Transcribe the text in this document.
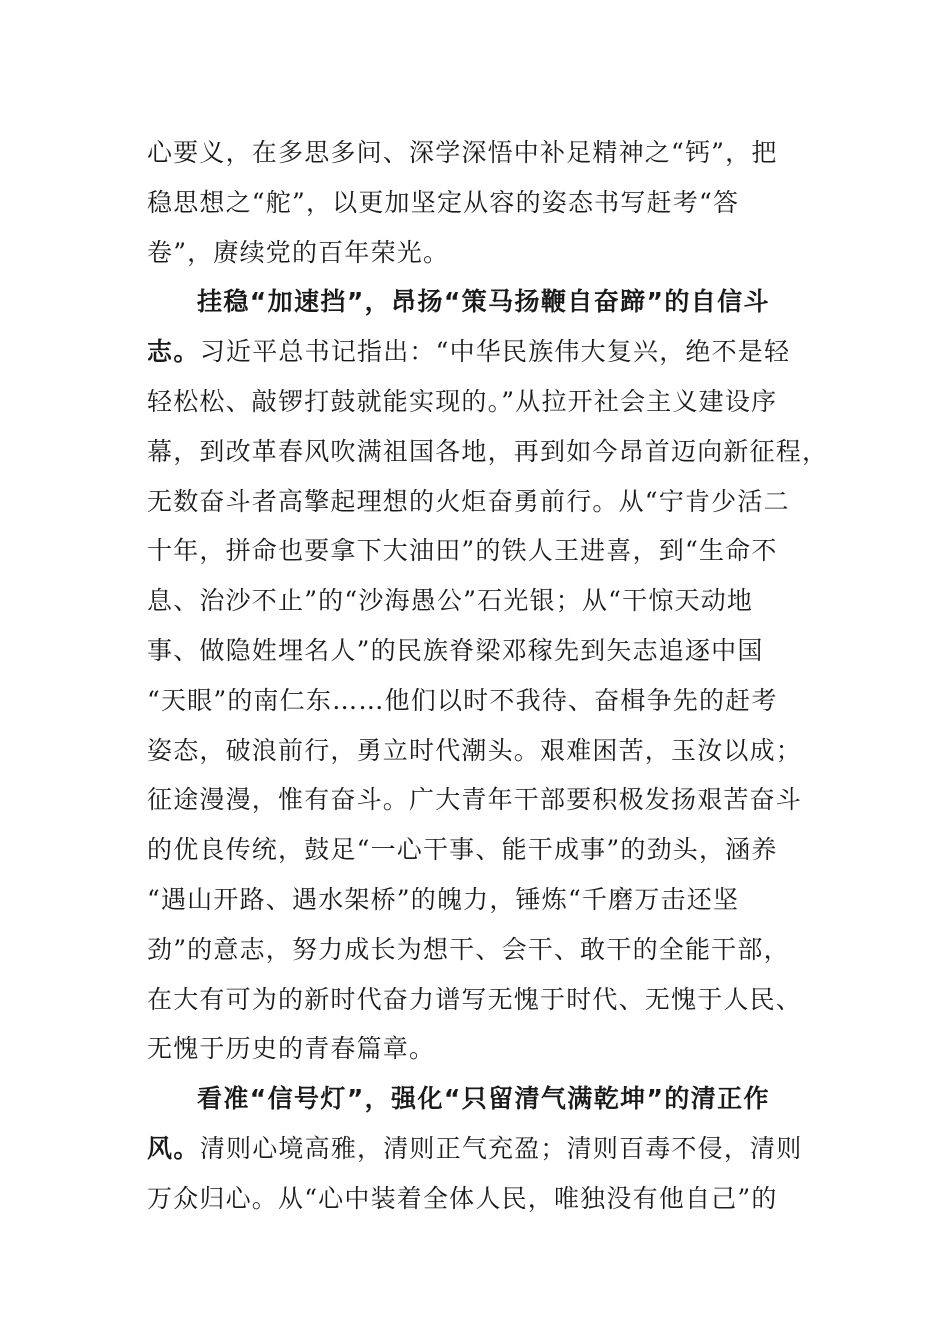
心要义，在多思多问、深学深悟中补足精神之“钙”，把
稳思想之“舵”，以更加坚定从容的姿态书写赶考“答
卷”，赓续党的百年荣光。
挂稳“加速挡”，昂扬“策马扬鞭自奋蹄”的自信斗
志。习近平总书记指出：“中华民族伟大复兴，绝不是轻
轻松松、敲锣打鼓就能实现的。”从拉开社会主义建设序
幕，到改革春风吹满祖国各地，再到如今昂首迈向新征程，
无数奋斗者高擎起理想的火炬奋勇前行。从“宁肯少活二
十年，拼命也要拿下大油田”的铁人王进喜，到“生命不
息、治沙不止”的“沙海愚公”石光银；从“干惊天动地
事、做隐姓埋名人”的民族脊梁邓稼先到矢志追逐中国
“天眼”的南仁东……他们以时不我待、奋楫争先的赶考
姿态，破浪前行，勇立时代潮头。艰难困苦，玉汝以成；
征途漫漫，惟有奋斗。广大青年干部要积极发扬艰苦奋斗
的优良传统，鼓足“一心干事、能干成事”的劲头，涵养
“遇山开路、遇水架桥”的魄力，锤炼“千磨万击还坚
劲”的意志，努力成长为想干、会干、敢干的全能干部，
在大有可为的新时代奋力谱写无愧于时代、无愧于人民、
无愧于历史的青春篇章。
看准“信号灯”，强化“只留清气满乾坤”的清正作
风。清则心境高雅，清则正气充盈；清则百毒不侵，清则
万众归心。从“心中装着全体人民，唯独没有他自己”的
